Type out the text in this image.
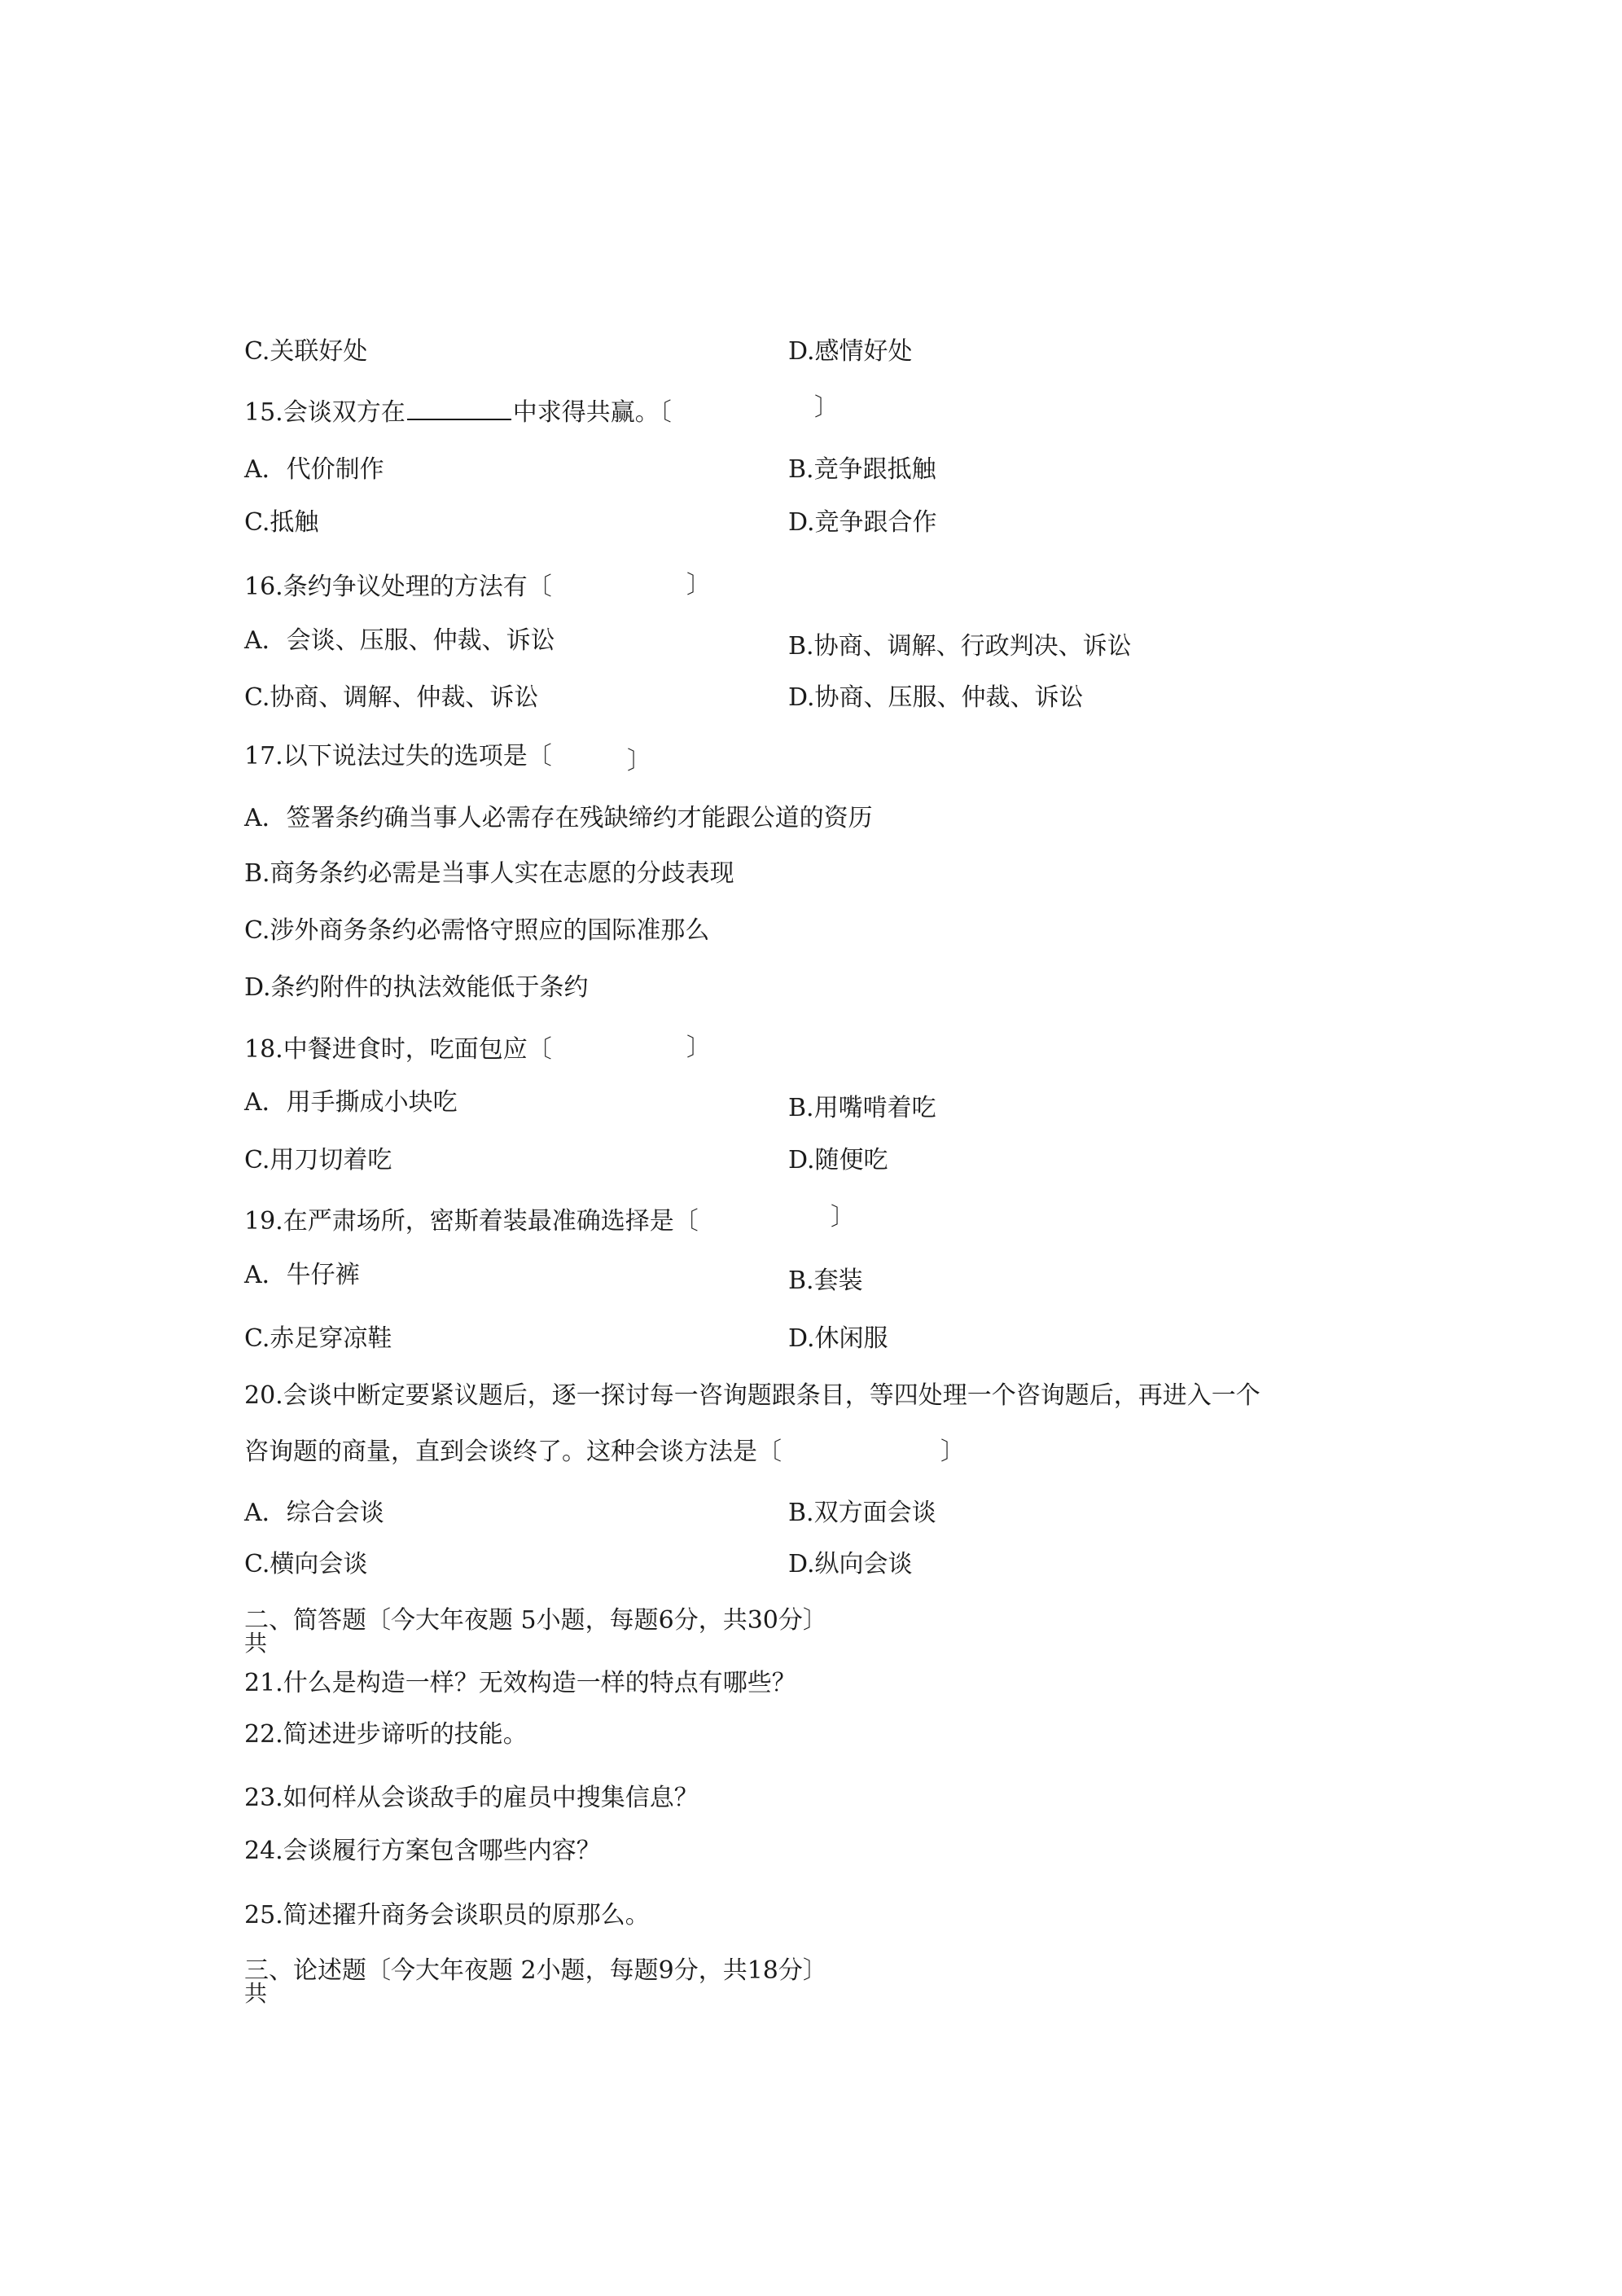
C.关联好处	D.感情好处
15.会谈双方在	中求得共赢。〔	〕
A．代价制作	B.竞争跟抵触
C.抵触	D.竞争跟合作
16.条约争议处理的方法有〔	〕
A．会谈、压服、仲裁、诉讼	B.协商、调解、行政判决、诉讼
C.协商、调解、仲裁、诉讼	D.协商、压服、仲裁、诉讼
17.以下说法过失的选项是〔	〕
A．签署条约确当事人必需存在残缺缔约才能跟公道的资历
B.商务条约必需是当事人实在志愿的分歧表现
C.涉外商务条约必需恪守照应的国际准那么
D.条约附件的执法效能低于条约
18.中餐进食时，吃面包应〔	〕
A．用手撕成小块吃	B.用嘴啃着吃
C.用刀切着吃	D.随便吃
19.在严肃场所，密斯着装最准确选择是〔	〕
A．牛仔裤	B.套装
C.赤足穿凉鞋	D.休闲服
20.会谈中断定要紧议题后，逐一探讨每一咨询题跟条目，等四处理一个咨询题后，再进入一个
咨询题的商量，直到会谈终了。这种会谈方法是〔	〕
A．综合会谈	B.双方面会谈
C.横向会谈	D.纵向会谈
二、简答题〔今大年夜题 5小题，每题6分，共30分〕
共
21.什么是构造一样？无效构造一样的特点有哪些？
22.简述进步谛听的技能。
23.如何样从会谈敌手的雇员中搜集信息？
24.会谈履行方案包含哪些内容？
25.简述擢升商务会谈职员的原那么。
三、论述题〔今大年夜题 2小题，每题9分，共18分〕
共
